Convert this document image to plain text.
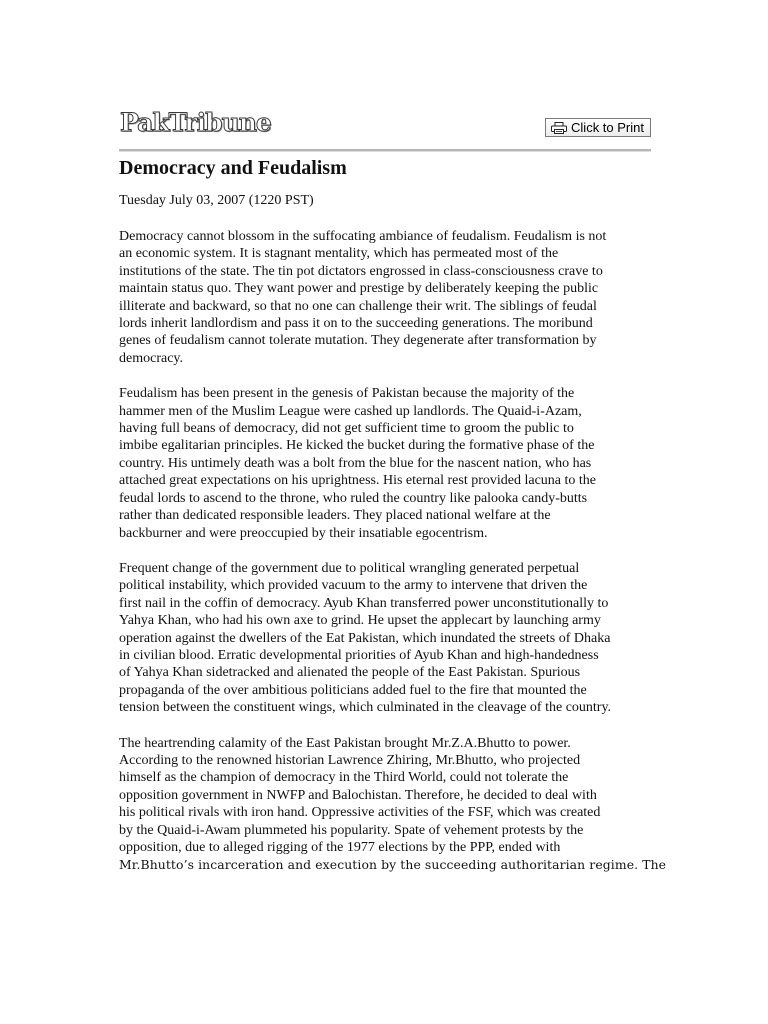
PakTribune	Click to Print
Democracy and Feudalism
Tuesday July 03, 2007 (1220 PST)

Democracy cannot blossom in the suffocating ambiance of feudalism. Feudalism is not
an economic system. It is stagnant mentality, which has permeated most of the
institutions of the state. The tin pot dictators engrossed in class-consciousness crave to
maintain status quo. They want power and prestige by deliberately keeping the public
illiterate and backward, so that no one can challenge their writ. The siblings of feudal
lords inherit landlordism and pass it on to the succeeding generations. The moribund
genes of feudalism cannot tolerate mutation. They degenerate after transformation by
democracy.

Feudalism has been present in the genesis of Pakistan because the majority of the
hammer men of the Muslim League were cashed up landlords. The Quaid-i-Azam,
having full beans of democracy, did not get sufficient time to groom the public to
imbibe egalitarian principles. He kicked the bucket during the formative phase of the
country. His untimely death was a bolt from the blue for the nascent nation, who has
attached great expectations on his uprightness. His eternal rest provided lacuna to the
feudal lords to ascend to the throne, who ruled the country like palooka candy-butts
rather than dedicated responsible leaders. They placed national welfare at the
backburner and were preoccupied by their insatiable egocentrism.

Frequent change of the government due to political wrangling generated perpetual
political instability, which provided vacuum to the army to intervene that driven the
first nail in the coffin of democracy. Ayub Khan transferred power unconstitutionally to
Yahya Khan, who had his own axe to grind. He upset the applecart by launching army
operation against the dwellers of the Eat Pakistan, which inundated the streets of Dhaka
in civilian blood. Erratic developmental priorities of Ayub Khan and high-handedness
of Yahya Khan sidetracked and alienated the people of the East Pakistan. Spurious
propaganda of the over ambitious politicians added fuel to the fire that mounted the
tension between the constituent wings, which culminated in the cleavage of the country.

The heartrending calamity of the East Pakistan brought Mr.Z.A.Bhutto to power.
According to the renowned historian Lawrence Zhiring, Mr.Bhutto, who projected
himself as the champion of democracy in the Third World, could not tolerate the
opposition government in NWFP and Balochistan. Therefore, he decided to deal with
his political rivals with iron hand. Oppressive activities of the FSF, which was created
by the Quaid-i-Awam plummeted his popularity. Spate of vehement protests by the
opposition, due to alleged rigging of the 1977 elections by the PPP, ended with
Mr.Bhutto’s incarceration and execution by the succeeding authoritarian regime. The
